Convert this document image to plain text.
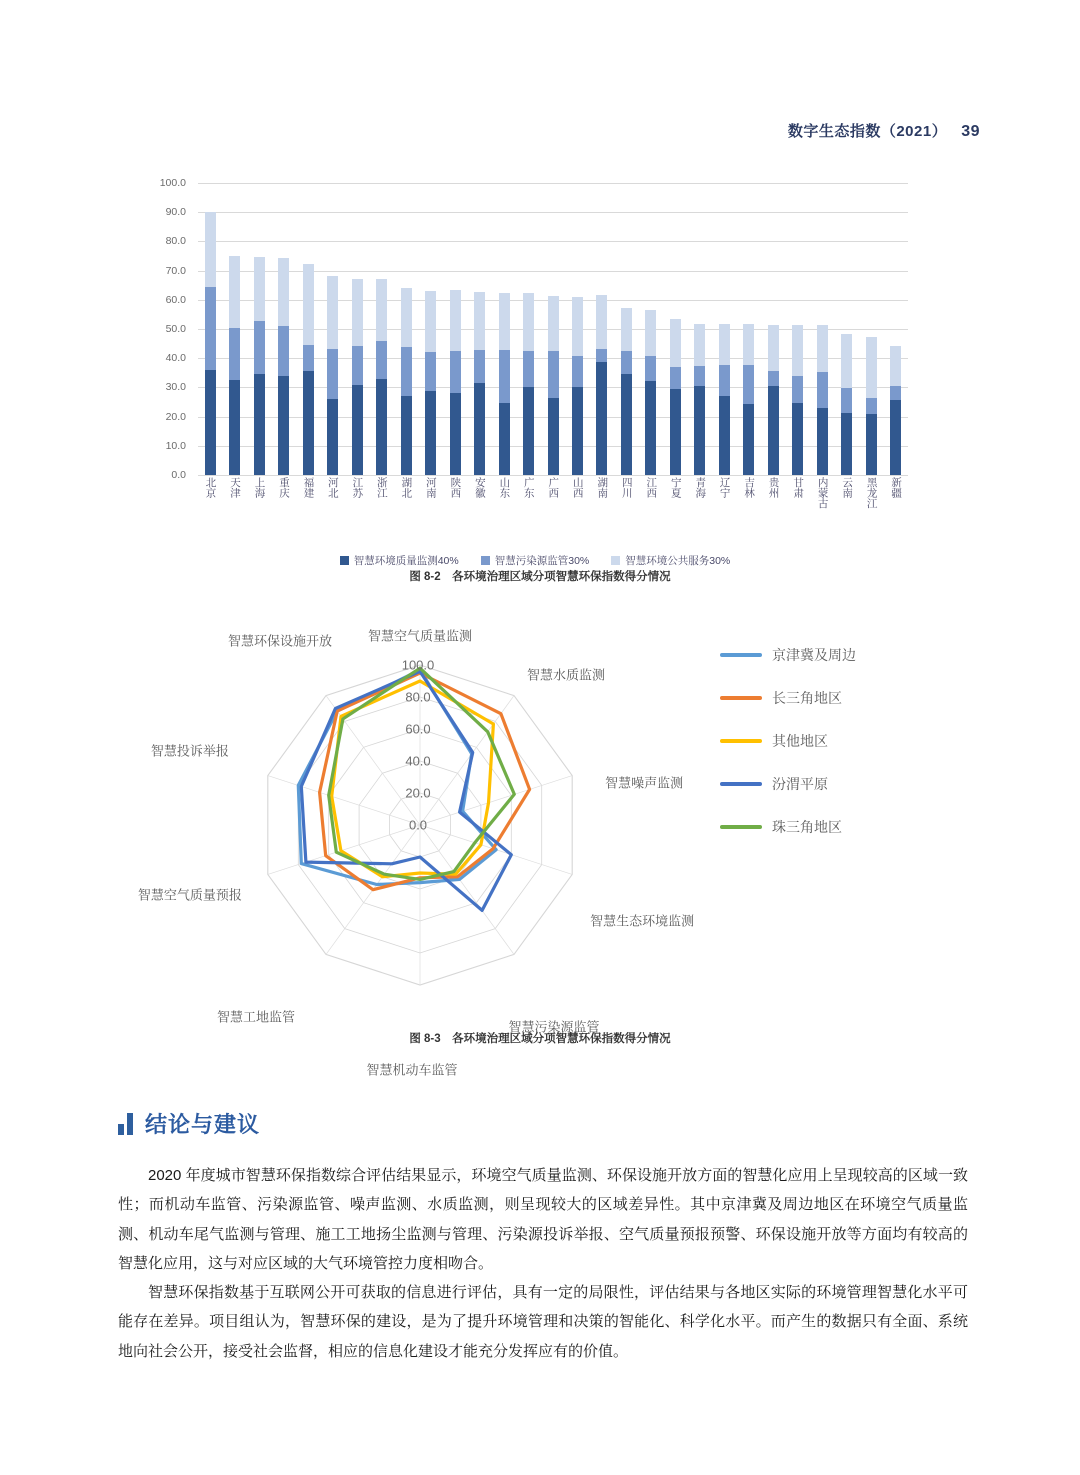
数字生态指数（2021） 39
0.0
10.0
20.0
30.0
40.0
50.0
60.0
70.0
80.0
90.0
100.0
北京	天津	上海	重庆	福建	河北	江苏	浙江	湖北	河南	陕西	安徽	山东	广东	广西	山西	湖南	四川	江西	宁夏	青海	辽宁	吉林	贵州	甘肃	内蒙古	云南	黑龙江	新疆
智慧环境质量监测40%	智慧污染源监管30%	智慧环境公共服务30%
图 8-2　各环境治理区域分项智慧环保指数得分情况
0.0
20.0
40.0
60.0
80.0
100.0
智慧空气质量监测
智慧水质监测
智慧噪声监测
智慧生态环境监测
智慧污染源监管
智慧机动车监管
智慧工地监管
智慧空气质量预报
智慧投诉举报
智慧环保设施开放
京津冀及周边
长三角地区
其他地区
汾渭平原
珠三角地区
图 8-3　各环境治理区域分项智慧环保指数得分情况
结论与建议

2020 年度城市智慧环保指数综合评估结果显示，环境空气质量监测、环保设施开放方面的智慧化应用上呈现较高的区域一致性；而机动车监管、污染源监管、噪声监测、水质监测，则呈现较大的区域差异性。其中京津冀及周边地区在环境空气质量监测、机动车尾气监测与管理、施工工地扬尘监测与管理、污染源投诉举报、空气质量预报预警、环保设施开放等方面均有较高的智慧化应用，这与对应区域的大气环境管控力度相吻合。

智慧环保指数基于互联网公开可获取的信息进行评估，具有一定的局限性，评估结果与各地区实际的环境管理智慧化水平可能存在差异。项目组认为，智慧环保的建设，是为了提升环境管理和决策的智能化、科学化水平。而产生的数据只有全面、系统地向社会公开，接受社会监督，相应的信息化建设才能充分发挥应有的价值。
